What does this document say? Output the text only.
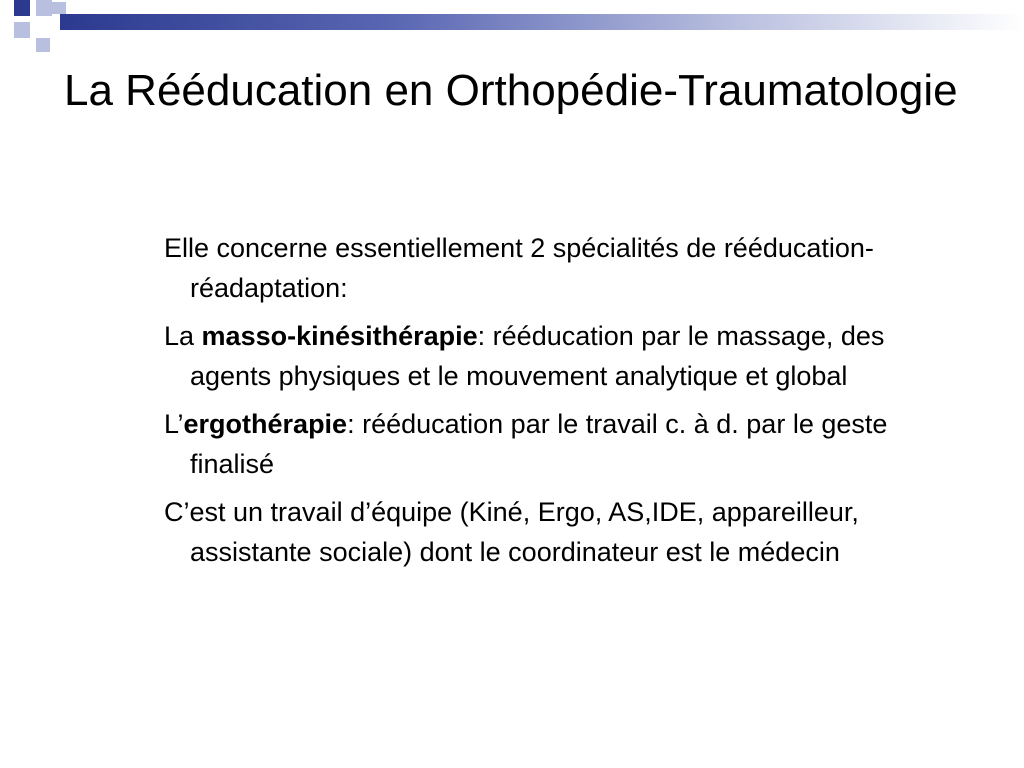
La Rééducation en Orthopédie-Traumatologie
Elle concerne essentiellement 2 spécialités de rééducation-réadaptation:
La masso-kinésithérapie: rééducation par le massage, des agents physiques et le mouvement analytique et global
L’ergothérapie: rééducation par le travail c. à d. par le geste finalisé
C’est un travail d’équipe (Kiné, Ergo, AS,IDE, appareilleur, assistante sociale) dont le coordinateur est le médecin
